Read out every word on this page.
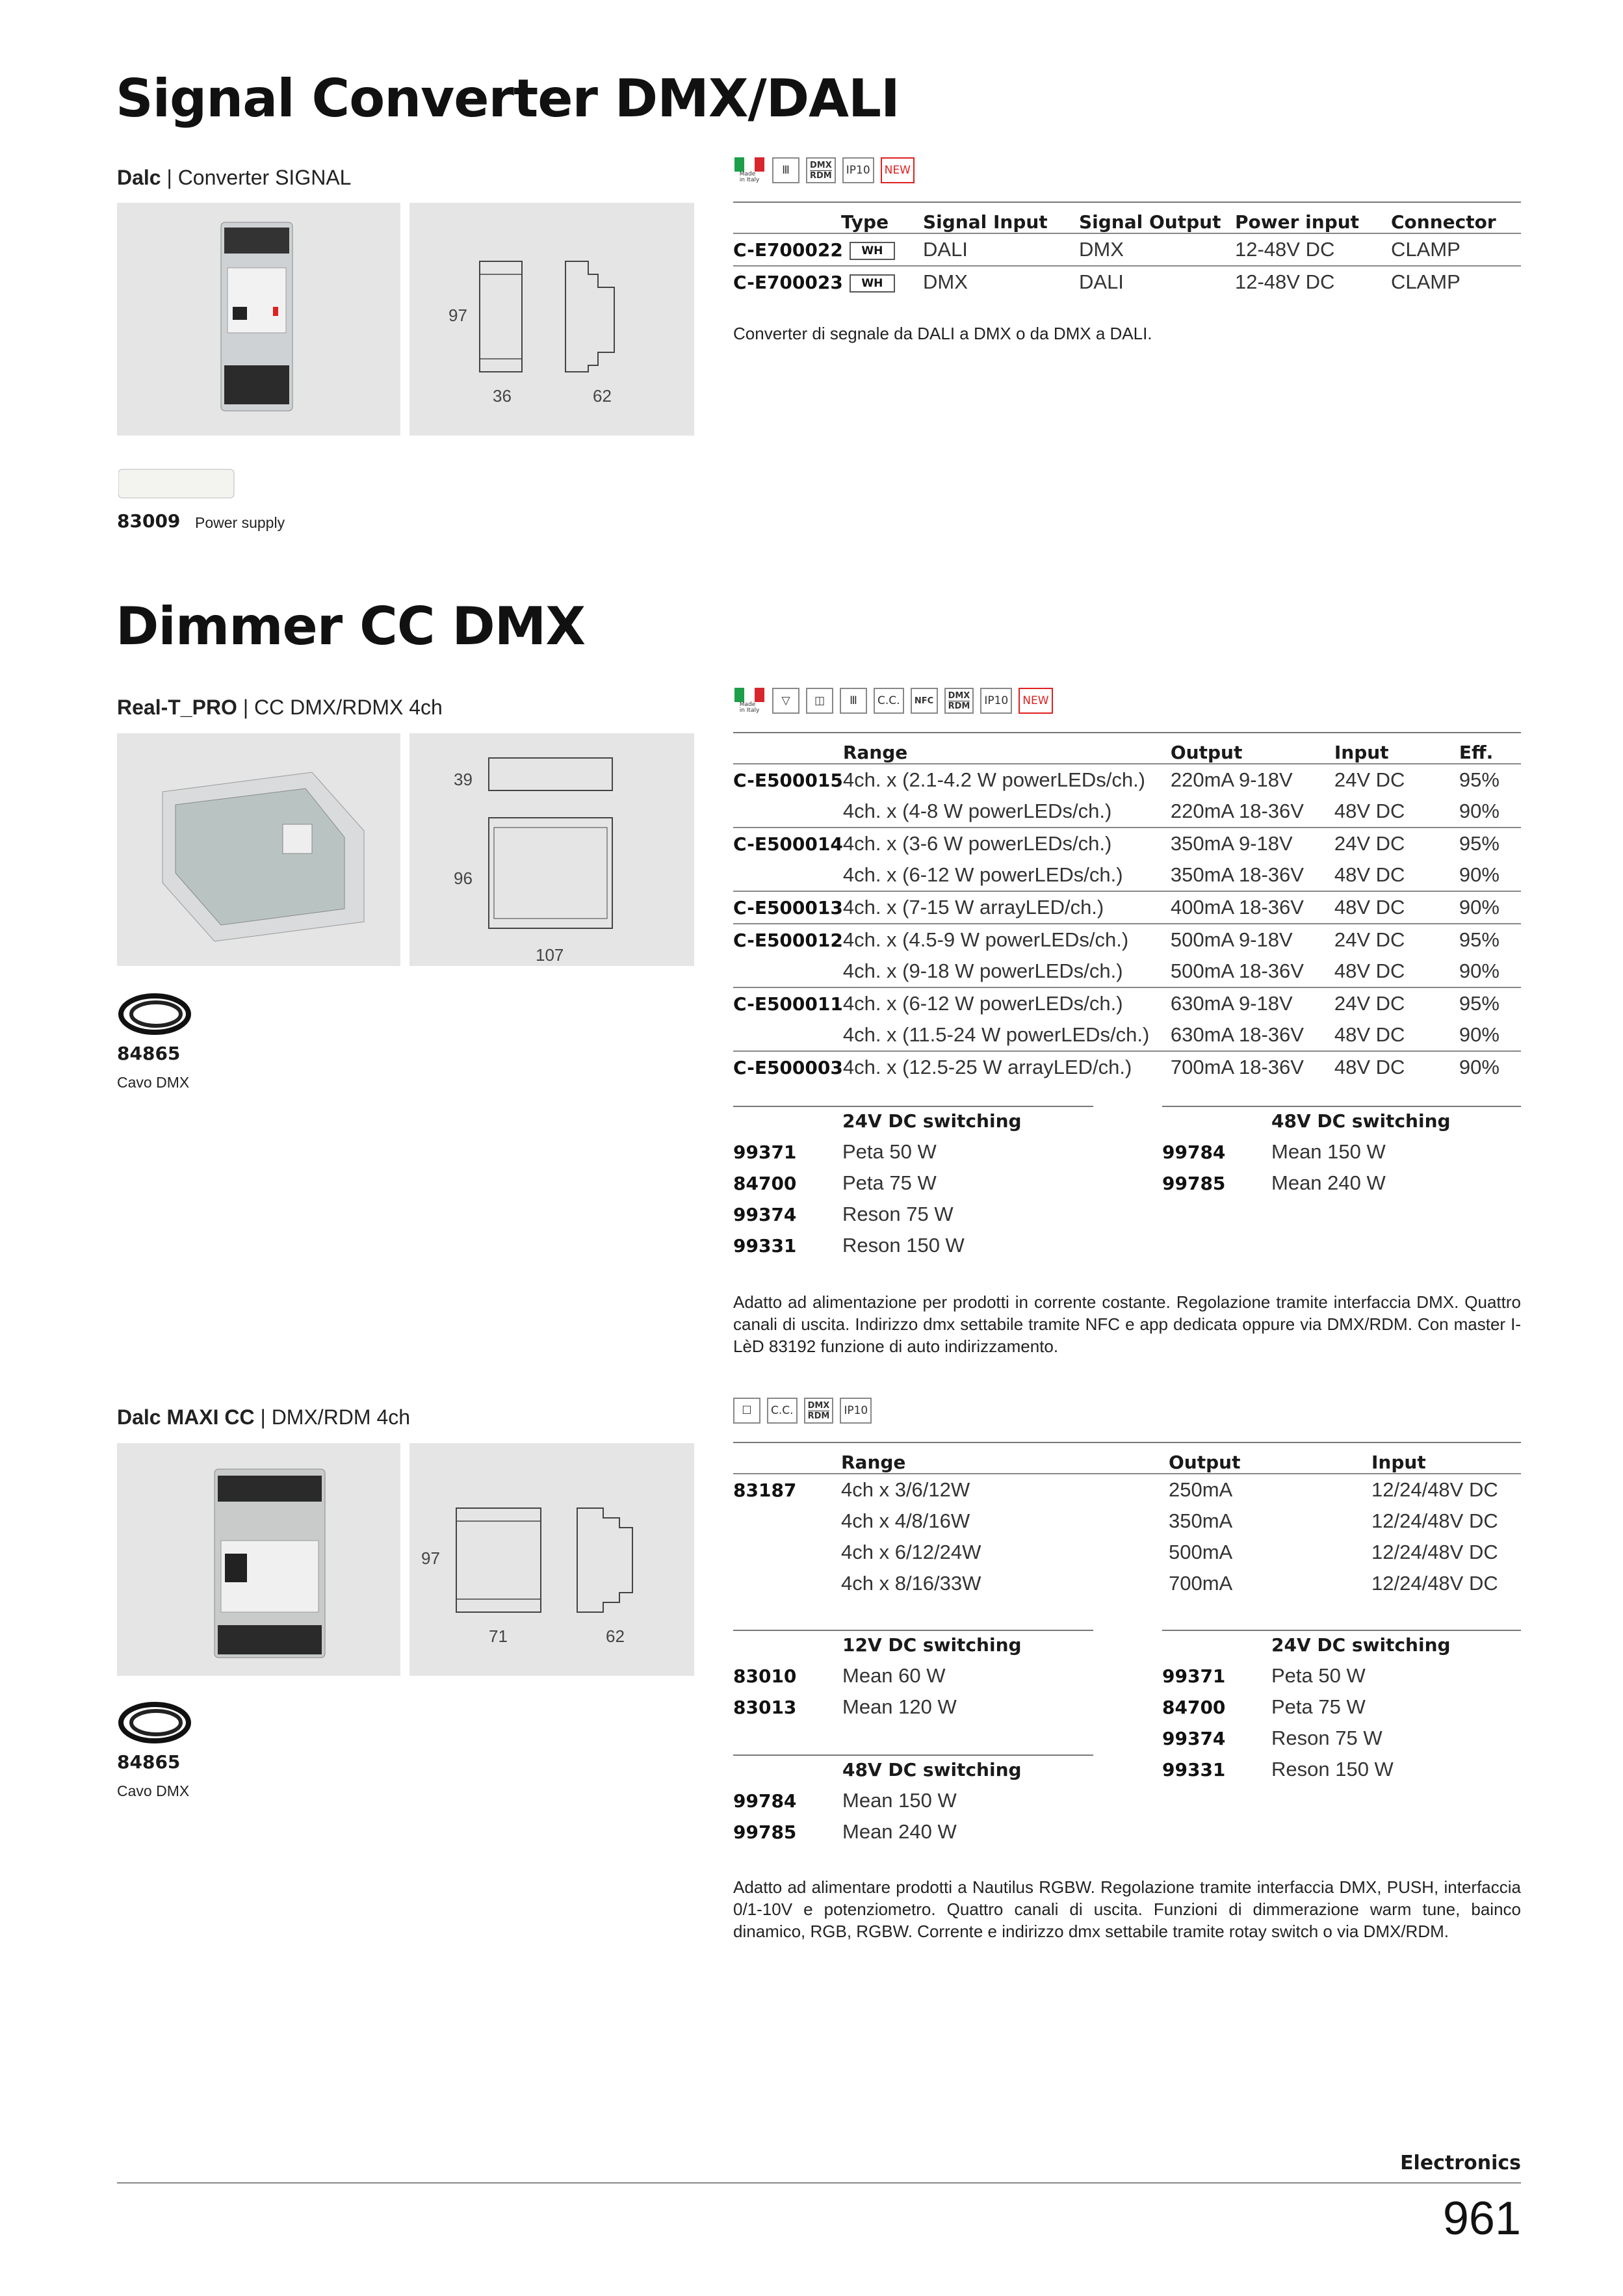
Signal Converter DMX/DALI
Dalc | Converter SIGNAL
97
36	62
83009 Power supply
Made
in Italy
Ⅲ	DMX
RDM	IP10	NEW
	Type	Signal Input	Signal Output	Power input	Connector
C-E700022 WH		DALI	DMX	12-48V DC	CLAMP
C-E700023 WH		DMX	DALI	12-48V DC	CLAMP
Converter di segnale da DALI a DMX o da DMX a DALI.
Dimmer CC DMX
Real-T_PRO | CC DMX/RDMX 4ch
39
96
107
84865
Cavo DMX
Made
in Italy
▽	◫	Ⅲ	C.C.	NFC
DMX
RDM	IP10	NEW
	Range	Output	Input	Eff.
C-E500015	4ch. x (2.1-4.2 W powerLEDs/ch.)	220mA 9-18V	24V DC	95%
	4ch. x (4-8 W powerLEDs/ch.)	220mA 18-36V	48V DC	90%
C-E500014	4ch. x (3-6 W powerLEDs/ch.)	350mA 9-18V	24V DC	95%
	4ch. x (6-12 W powerLEDs/ch.)	350mA 18-36V	48V DC	90%
C-E500013	4ch. x (7-15 W arrayLED/ch.)	400mA 18-36V	48V DC	90%
C-E500012	4ch. x (4.5-9 W powerLEDs/ch.)	500mA 9-18V	24V DC	95%
	4ch. x (9-18 W powerLEDs/ch.)	500mA 18-36V	48V DC	90%
C-E500011	4ch. x (6-12 W powerLEDs/ch.)	630mA 9-18V	24V DC	95%
	4ch. x (11.5-24 W powerLEDs/ch.)	630mA 18-36V	48V DC	90%
C-E500003	4ch. x (12.5-25 W arrayLED/ch.)	700mA 18-36V	48V DC	90%
24V DC switching
99371 Peta 50 W
84700 Peta 75 W
99374 Reson 75 W
99331 Reson 150 W
48V DC switching
99784 Mean 150 W
99785 Mean 240 W
Adatto ad alimentazione per prodotti in corrente costante. Regolazione tramite interfaccia DMX. Quattro canali di uscita. Indirizzo dmx settabile tramite NFC e app dedicata oppure via DMX/RDM. Con master I-LèD 83192 funzione di auto indirizzamento.
Dalc MAXI CC | DMX/RDM 4ch
97
71	62
84865
Cavo DMX
☐	C.C.	DMX
RDM	IP10
	Range	Output	Input
83187	4ch x 3/6/12W	250mA	12/24/48V DC
	4ch x 4/8/16W	350mA	12/24/48V DC
	4ch x 6/12/24W	500mA	12/24/48V DC
	4ch x 8/16/33W	700mA	12/24/48V DC
12V DC switching
83010 Mean 60 W
83013 Mean 120 W
24V DC switching
99371 Peta 50 W
84700 Peta 75 W
99374 Reson 75 W
99331 Reson 150 W
48V DC switching
99784 Mean 150 W
99785 Mean 240 W
Adatto ad alimentare prodotti a Nautilus RGBW. Regolazione tramite interfaccia DMX, PUSH, interfaccia 0/1-10V e potenziometro. Quattro canali di uscita. Funzioni di dimmerazione warm tune, bainco dinamico, RGB, RGBW. Corrente e indirizzo dmx settabile tramite rotay switch o via DMX/RDM.
Electronics
961
